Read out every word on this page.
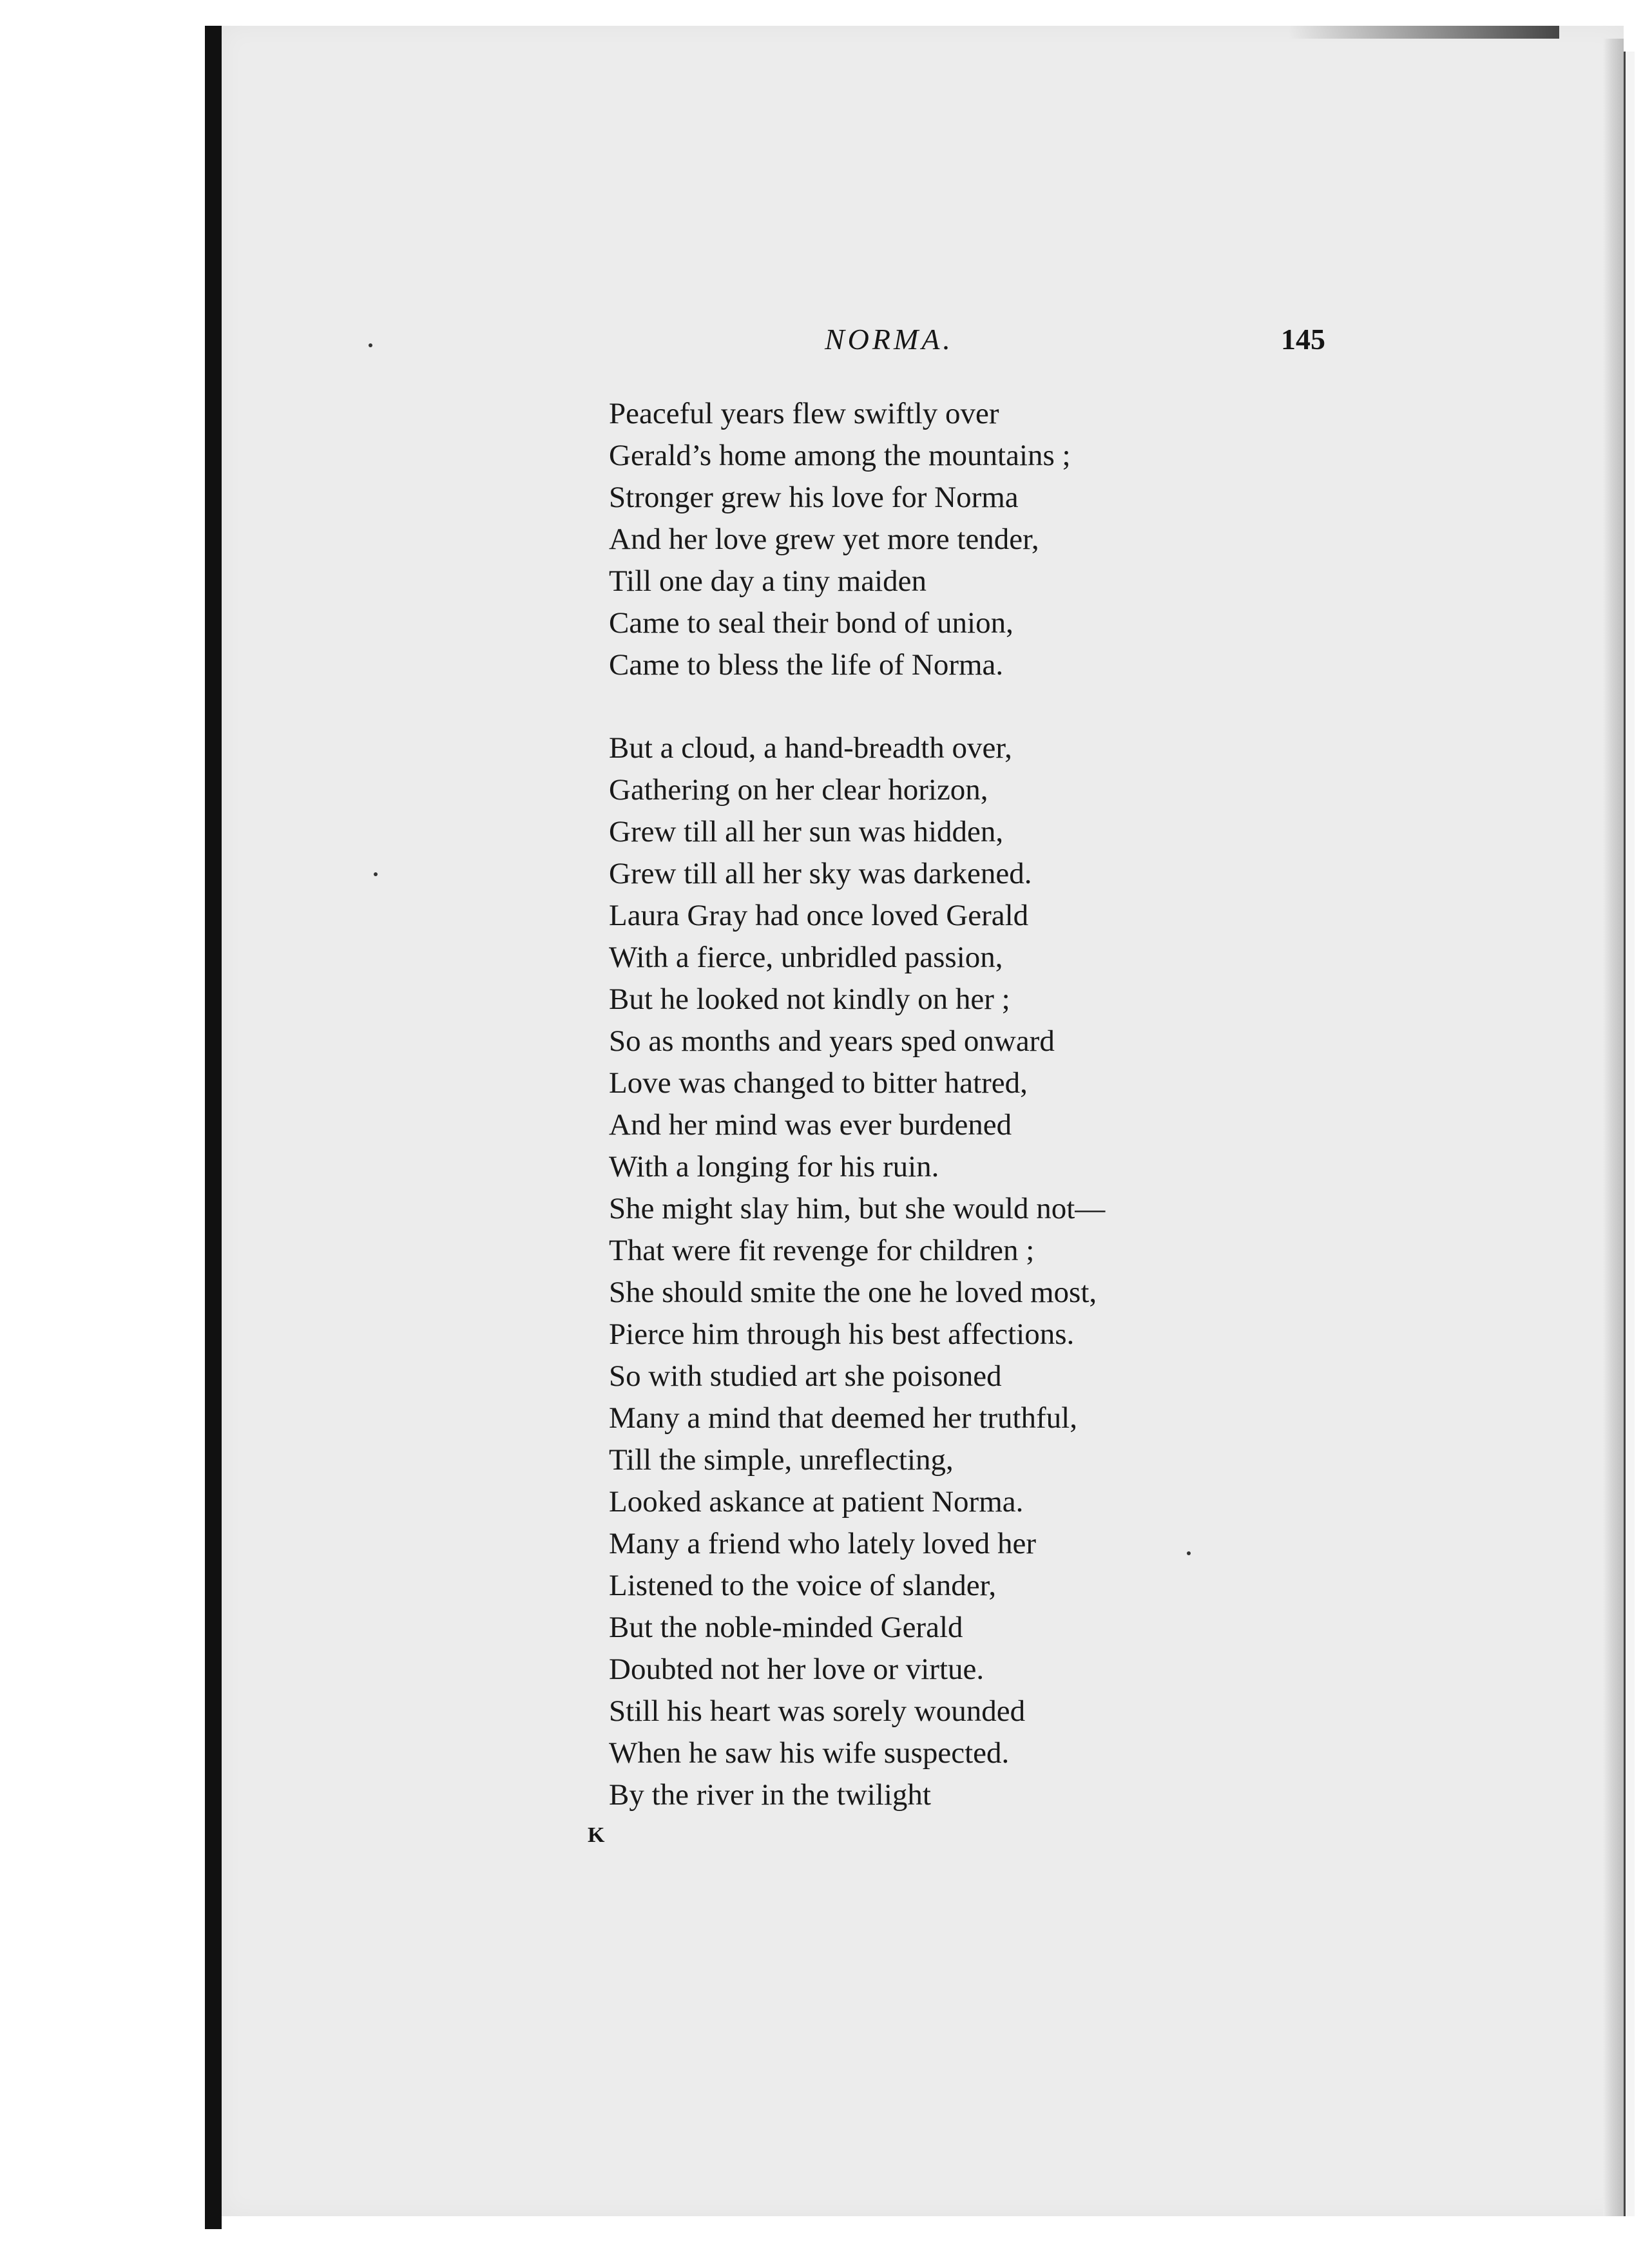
NORMA.	145
Peaceful years flew swiftly over
Gerald’s home among the mountains ;
Stronger grew his love for Norma
And her love grew yet more tender,
Till one day a tiny maiden
Came to seal their bond of union,
Came to bless the life of Norma.
But a cloud, a hand-breadth over,
Gathering on her clear horizon,
Grew till all her sun was hidden,
Grew till all her sky was darkened.
Laura Gray had once loved Gerald
With a fierce, unbridled passion,
But he looked not kindly on her ;
So as months and years sped onward
Love was changed to bitter hatred,
And her mind was ever burdened
With a longing for his ruin.
She might slay him, but she would not—
That were fit revenge for children ;
She should smite the one he loved most,
Pierce him through his best affections.
So with studied art she poisoned
Many a mind that deemed her truthful,
Till the simple, unreflecting,
Looked askance at patient Norma.
Many a friend who lately loved her
Listened to the voice of slander,
But the noble-minded Gerald
Doubted not her love or virtue.
Still his heart was sorely wounded
When he saw his wife suspected.
By the river in the twilight
K
